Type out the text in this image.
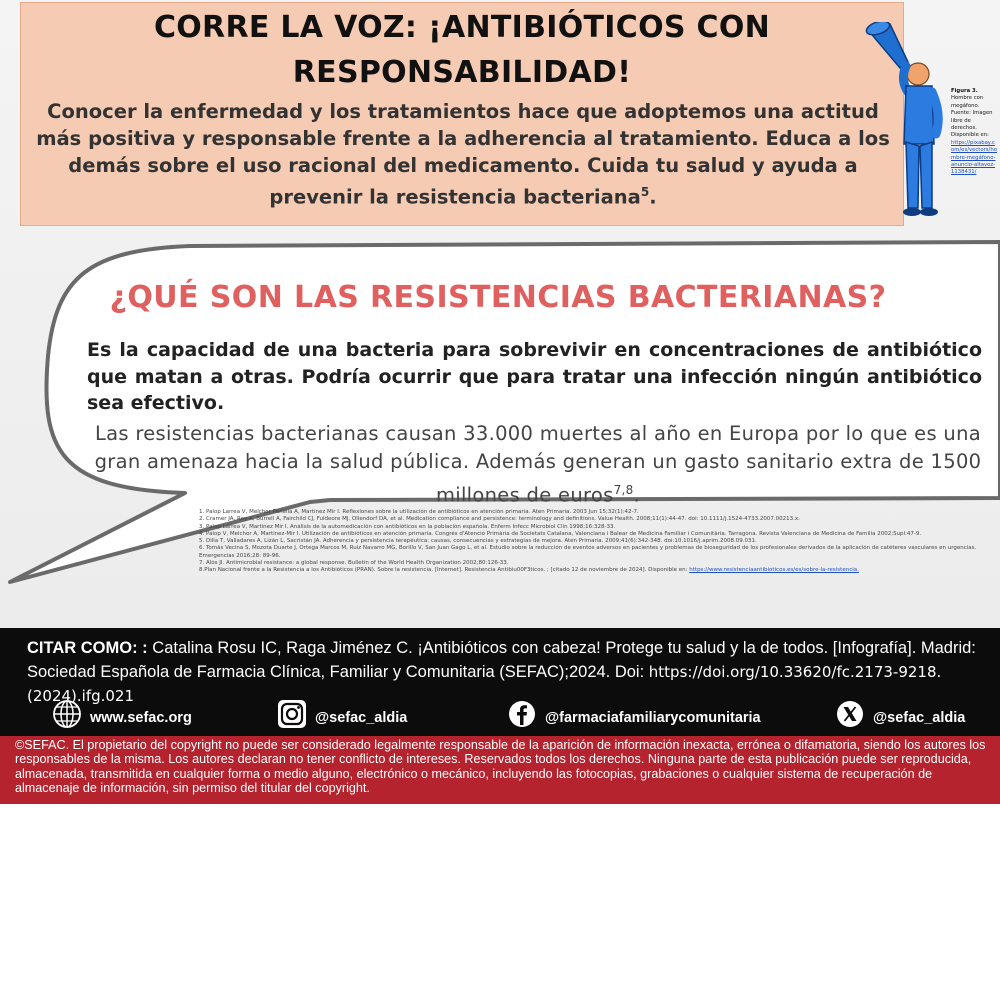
CORRE LA VOZ: ¡ANTIBIÓTICOS CON RESPONSABILIDAD!
Conocer la enfermedad y los tratamientos hace que adoptemos una actitud más positiva y responsable frente a la adherencia al tratamiento. Educa a los demás sobre el uso racional del medicamento. Cuida tu salud y ayuda a prevenir la resistencia bacteriana$^5$.
Figura 3.
Hombre con megáfono. Fuente: Imagen libre de derechos. Disponible en:
https://pixabay.com/es/vectors/hombre-megáfono-anuncio-altavoz-1138431/
¿QUÉ SON LAS RESISTENCIAS BACTERIANAS?
Es la capacidad de una bacteria para sobrevivir en concentraciones de antibiótico que matan a otras. Podría ocurrir que para tratar una infección ningún antibiótico sea efectivo.
Las resistencias bacterianas causan 33.000 muertes al año en Europa por lo que es una gran amenaza hacia la salud pública. Además generan un gasto sanitario extra de 1500 millones de euros$^{7,8}$.
1. Palop Larrea V, Melchor Penella A, Martínez Mir I. Reflexiones sobre la utilización de antibióticos en atención primaria. Aten Primaria. 2003 Jun 15;32(1):42-7.
2. Cramer JA, Roy A, Burrell A, Fairchild CJ, Fuldeore MJ, Ollendorf DA, et al. Medication compliance and persistence: terminology and definitions. Value Health. 2008;11(1):44-47. doi: 10.1111/j.1524-4733.2007.00213.x.
3. Palop Larrea V, Martínez Mir I. Análisis de la automedicación con antibióticos en la población española. Enferm Infecc Microbiol Clin 1998;16:328-33.
4. Palop V, Melchor A, Martínez-Mir I. Utilización de antibióticos en atención primaria. Congrés d'Atenció Primària de Societats Catalana, Valenciana i Balear de Medicina Familiar i Comunitària. Tarragona. Revista Valenciana de Medicina de Familia 2002;Supl:47-9.
5. Dilla T, Valladares A, Lizán L, Sacristán JA. Adherencia y persistencia terapéutica: causas, consecuencias y estrategias de mejora. Aten Primaria. 2009;41(6):342-348. doi:10.1016/j.aprim.2008.09.031.
6. Tomás Vecina S, Mozota Duarte J, Ortega Marcos M, Ruiz Navarro MG, Borillo V, San Juan Gago L, et al. Estudio sobre la reducción de eventos adversos en pacientes y problemas de bioseguridad de los profesionales derivados de la aplicación de catéteres vasculares en urgencias. Emergencias 2016;28: 89-96.
7. Alós JI. Antimicrobial resistance: a global response. Bulletin of the World Health Organization 2002;80:126-33.
8.Plan Nacional frente a la Resistencia a los Antibióticos (PRAN). Sobre la resistencia. [Internet]. Resistencia Antibiu00F3ticos. ; [citado 12 de noviembre de 2024]. Disponible en: https://www.resistenciaantibioticos.es/es/sobre-la-resistencia.
CITAR COMO: : Catalina Rosu IC, Raga Jiménez C. ¡Antibióticos con cabeza! Protege tu salud y la de todos. [Infografía]. Madrid: Sociedad Española de Farmacia Clínica, Familiar y Comunitaria (SEFAC);2024. Doi: https://doi.org/10.33620/fc.2173-9218.(2024).ifg.021
www.sefac.org	@sefac_aldia	@farmaciafamiliarycomunitaria	@sefac_aldia
©SEFAC. El propietario del copyright no puede ser considerado legalmente responsable de la aparición de información inexacta, errónea o difamatoria, siendo los autores los responsables de la misma. Los autores declaran no tener conflicto de intereses. Reservados todos los derechos. Ninguna parte de esta publicación puede ser reproducida, almacenada, transmitida en cualquier forma o medio alguno, electrónico o mecánico, incluyendo las fotocopias, grabaciones o cualquier sistema de recuperación de almacenaje de información, sin permiso del titular del copyright.
